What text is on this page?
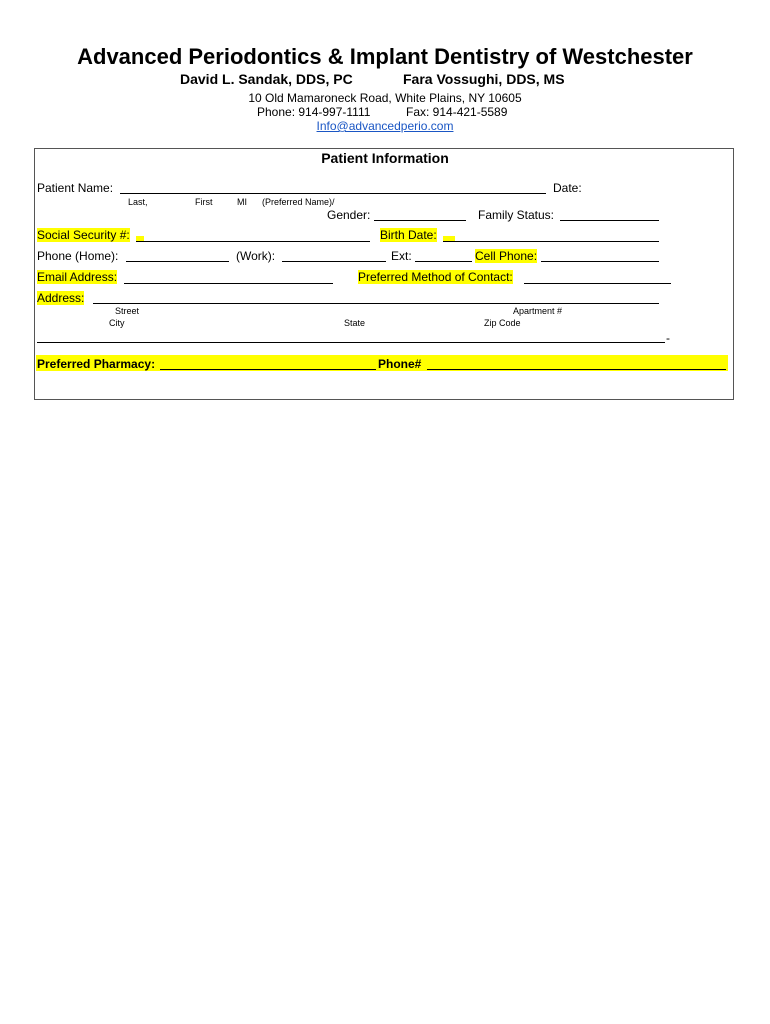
Advanced Periodontics & Implant Dentistry of Westchester
David L. Sandak, DDS, PC	Fara Vossughi, DDS, MS
10 Old Mamaroneck Road, White Plains, NY 10605
Phone: 914-997-1111	Fax: 914-421-5589
Info@advancedperio.com
Patient Information
Patient Name:	Date:
Last,	First	MI (Preferred Name)/
Gender:	Family Status:
Social Security #:	Birth Date:
Phone (Home):	(Work):	Ext:	Cell Phone:
Email Address:	Preferred Method of Contact:
Address:
Street	Apartment #
City	State	Zip Code
-
Preferred Pharmacy:	Phone#
